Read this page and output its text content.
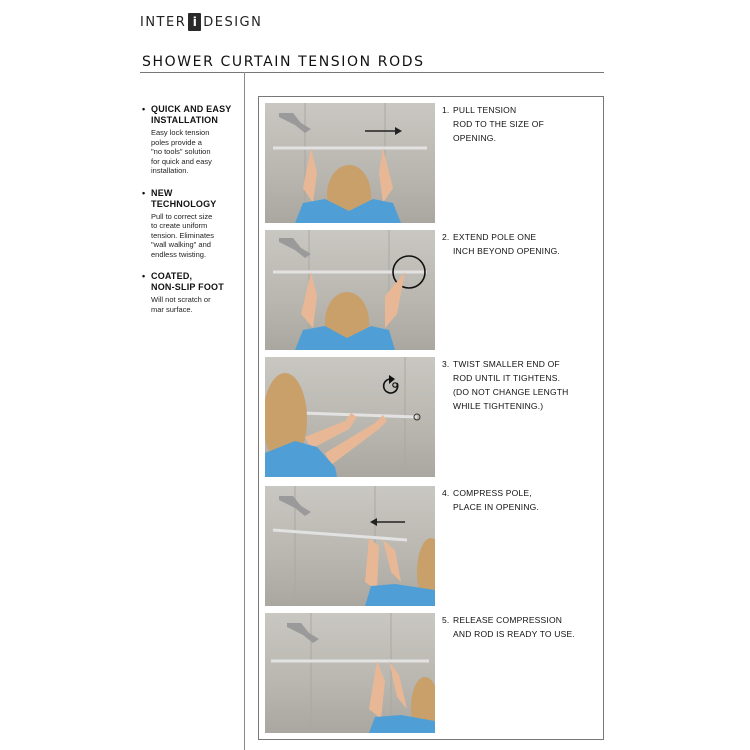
INTER i DESIGN
SHOWER CURTAIN TENSION RODS
• QUICK AND EASY
INSTALLATION
Easy lock tension
poles provide a
"no tools" solution
for quick and easy
installation.
• NEW
TECHNOLOGY
Pull to correct size
to create uniform
tension. Eliminates
"wall walking" and
endless twisting.
• COATED,
NON-SLIP FOOT
Will not scratch or
mar surface.
1. PULL TENSION
ROD TO THE SIZE OF
OPENING.
2. EXTEND POLE ONE
INCH BEYOND OPENING.
3. TWIST SMALLER END OF
ROD UNTIL IT TIGHTENS.
(DO NOT CHANGE LENGTH
WHILE TIGHTENING.)
4. COMPRESS POLE,
PLACE IN OPENING.
5. RELEASE COMPRESSION
AND ROD IS READY TO USE.
